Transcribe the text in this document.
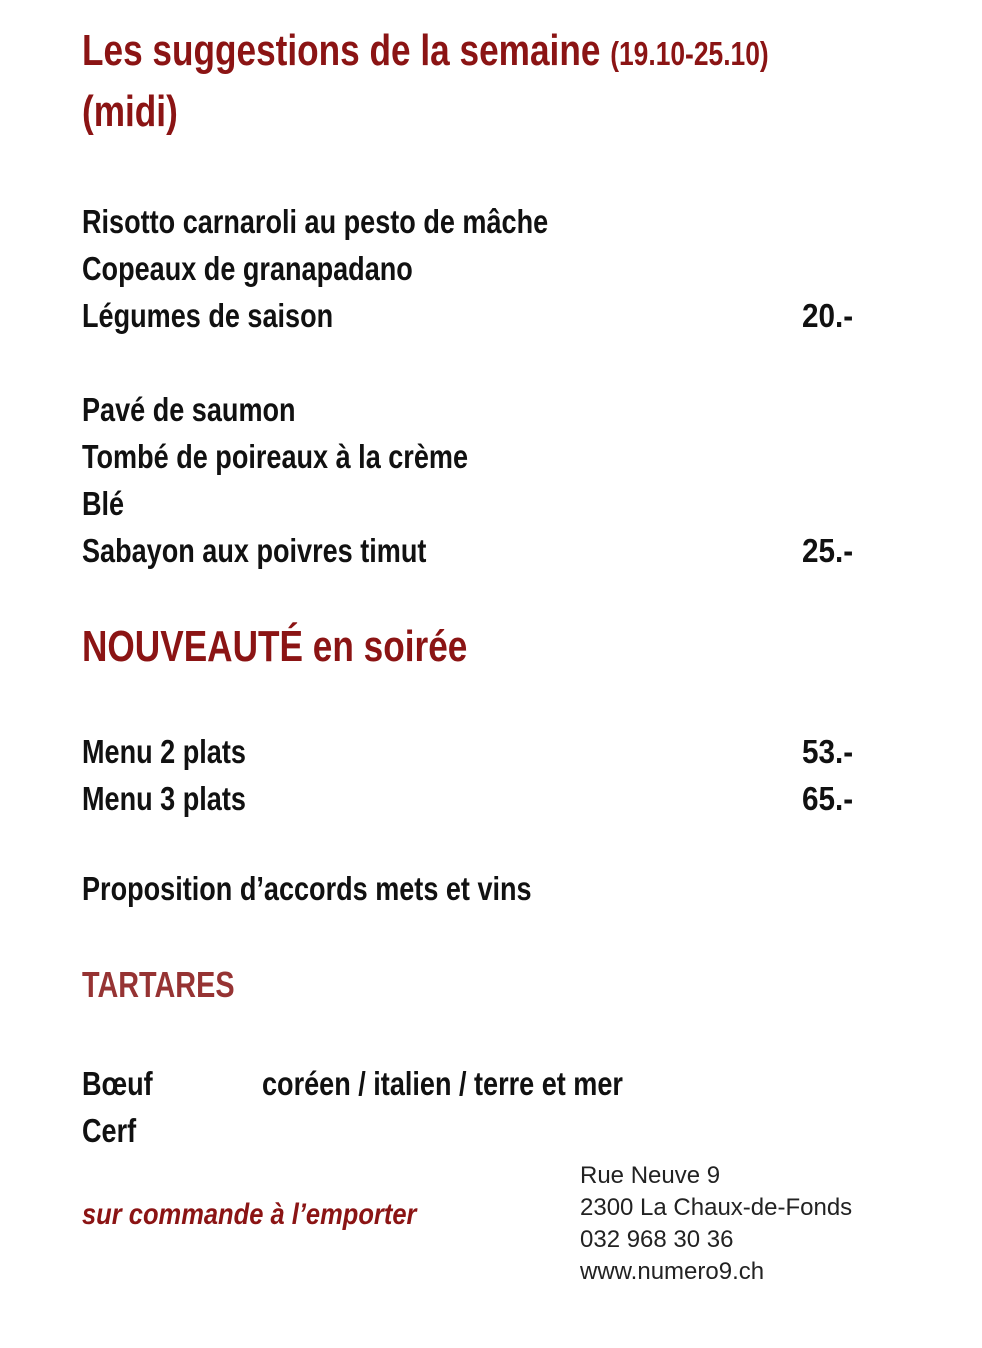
Les suggestions de la semaine (19.10-25.10)
(midi)
Risotto carnaroli au pesto de mâche
Copeaux de granapadano
Légumes de saison	20.-
Pavé de saumon
Tombé de poireaux à la crème
Blé
Sabayon aux poivres timut	25.-
NOUVEAUTÉ en soirée
Menu 2 plats	53.-
Menu 3 plats	65.-
Proposition d’accords mets et vins
TARTARES
Bœuf	coréen / italien / terre et mer
Cerf
sur commande à l’emporter
Rue Neuve 9
2300 La Chaux-de-Fonds
032 968 30 36
www.numero9.ch
